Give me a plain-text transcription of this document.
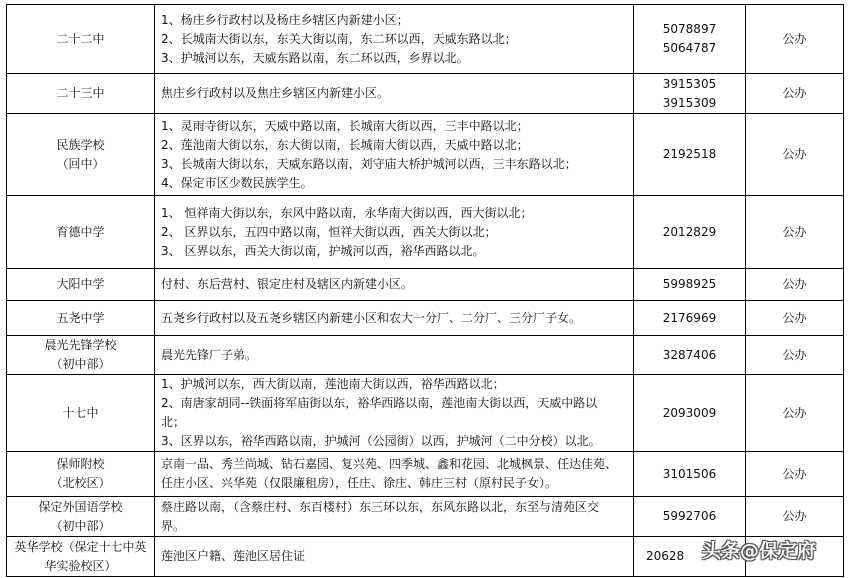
二十二中	1、杨庄乡行政村以及杨庄乡辖区内新建小区；
2、长城南大街以东，东关大街以南，东二环以西，天威东路以北；
3、护城河以东，天威东路以南，东二环以西，乡界以北。	5078897
5064787	公办

二十三中	焦庄乡行政村以及焦庄乡辖区内新建小区。	3915305
3915309	公办

民族学校
（回中）	1、灵雨寺街以东，天威中路以南，长城南大街以西，三丰中路以北；
2、莲池南大街以东，东大街以南，长城南大街以西，天威中路以北；
3、长城南大街以东，天威东路以南，刘守庙大桥护城河以西，三丰东路以北；
4、保定市区少数民族学生。	2192518	公办

育德中学	1、 恒祥南大街以东，东风中路以南，永华南大街以西，西大街以北；
2、 区界以东，五四中路以南，恒祥大街以西，西关大街以北；
3、 区界以东，西关大街以南，护城河以西，裕华西路以北。	2012829	公办

大阳中学	付村、东后营村、银定庄村及辖区内新建小区。	5998925	公办

五尧中学	五尧乡行政村以及五尧乡辖区内新建小区和农大一分厂、二分厂、三分厂子女。	2176969	公办

晨光先锋学校
（初中部）	晨光先锋厂子弟。	3287406	公办

十七中	1、护城河以东，西大街以南，莲池南大街以西，裕华西路以北；
2、南唐家胡同--铁面将军庙街以东，裕华西路以南，莲池南大街以西，天威中路以
北；
3、区界以东，裕华西路以南，护城河（公园街）以西，护城河（二中分校）以北。	2093009	公办

保师附校
（北校区）	京南一品、秀兰尚城、钻石嘉园、复兴苑、四季城、鑫和花园、北城枫景、任达佳苑、
任庄小区、兴华苑（仅限廉租房），任庄、徐庄、韩庄三村（原村民子女）。	3101506	公办

保定外国语学校
（初中部）	蔡庄路以南，（含蔡庄村、东百楼村）东三环以东，东风东路以北，东至与清苑区交
界。	5992706	公办

英华学校（保定十七中英
华实验校区）	莲池区户籍、莲池区居住证	20628	
	头条@保定府
